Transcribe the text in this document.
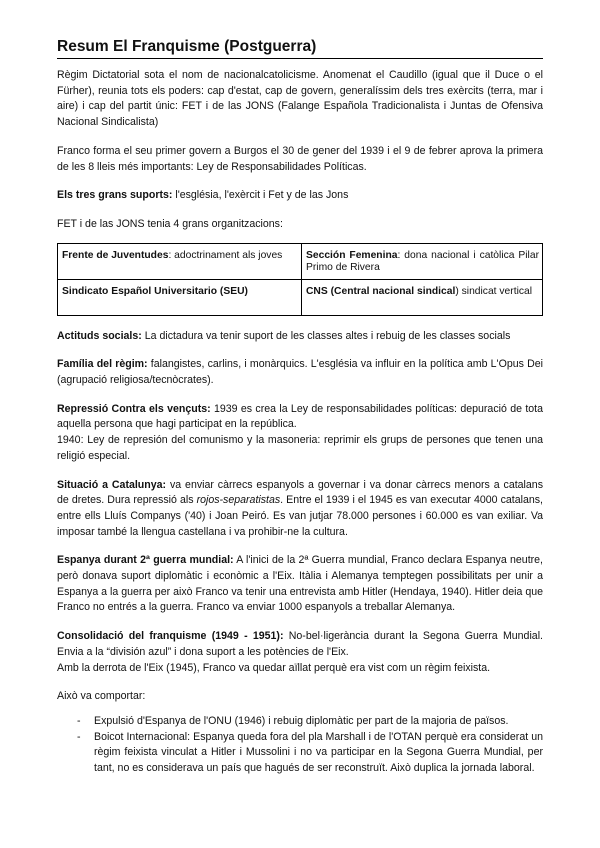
Resum El Franquisme (Postguerra)

Règim Dictatorial sota el nom de nacionalcatolicisme. Anomenat el Caudillo (igual que il Duce o el Fürher), reunia tots els poders: cap d'estat, cap de govern, generalíssim dels tres exèrcits (terra, mar i aire) i cap del partit únic: FET i de las JONS (Falange Española Tradicionalista i Juntas de Ofensiva Nacional Sindicalista)

Franco forma el seu primer govern a Burgos el 30 de gener del 1939 i el 9 de febrer aprova la primera de les 8 lleis més importants: Ley de Responsabilidades Políticas.

Els tres grans suports: l'església, l'exèrcit i Fet y de las Jons

FET i de las JONS tenia 4 grans organitzacions:

Frente de Juventudes: adoctrinament als joves	Sección Femenina: dona nacional i catòlica Pilar Primo de Rivera
Sindicato Español Universitario (SEU)	CNS (Central nacional sindical) sindicat vertical

Actituds socials: La dictadura va tenir suport de les classes altes i rebuig de les classes socials

Família del règim: falangistes, carlins, i monàrquics. L'església va influir en la política amb L'Opus Dei (agrupació religiosa/tecnòcrates).

Repressió Contra els vençuts: 1939 es crea la Ley de responsabilidades políticas: depuració de tota aquella persona que hagi participat en la república.

1940: Ley de represión del comunismo y la masoneria: reprimir els grups de persones que tenen una religió especial.

Situació a Catalunya: va enviar càrrecs espanyols a governar i va donar càrrecs menors a catalans de dretes. Dura repressió als rojos-separatistas. Entre el 1939 i el 1945 es van executar 4000 catalans, entre ells Lluís Companys ('40) i Joan Peiró. Es van jutjar 78.000 persones i 60.000 es van exiliar. Va imposar també la llengua castellana i va prohibir-ne la cultura.

Espanya durant 2ª guerra mundial: A l'inici de la 2ª Guerra mundial, Franco declara Espanya neutre, però donava suport diplomàtic i econòmic a l'Eix. Itàlia i Alemanya temptegen possibilitats per unir a Espanya a la guerra per això Franco va tenir una entrevista amb Hitler (Hendaya, 1940). Hitler deia que Franco no entrés a la guerra. Franco va enviar 1000 espanyols a treballar Alemanya.

Consolidació del franquisme (1949 - 1951): No-bel·ligerància durant la Segona Guerra Mundial. Envia a la “división azul” i dona suport a les potències de l'Eix.

Amb la derrota de l'Eix (1945), Franco va quedar aïllat perquè era vist com un règim feixista.

Això va comportar:

- Expulsió d'Espanya de l'ONU (1946) i rebuig diplomàtic per part de la majoria de països.
- Boicot Internacional: Espanya queda fora del pla Marshall i de l'OTAN perquè era considerat un règim feixista vinculat a Hitler i Mussolini i no va participar en la Segona Guerra Mundial, per tant, no es considerava un país que hagués de ser reconstruït. Això duplica la jornada laboral.
